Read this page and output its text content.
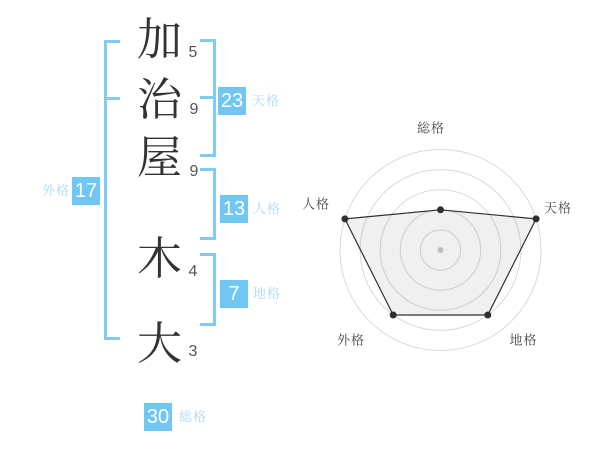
加
治
屋
木
大
5
9
9
4
3
23 天格
13 人格
7	地格
17
外格
30 総格
総格
天格
地格
外格
人格
